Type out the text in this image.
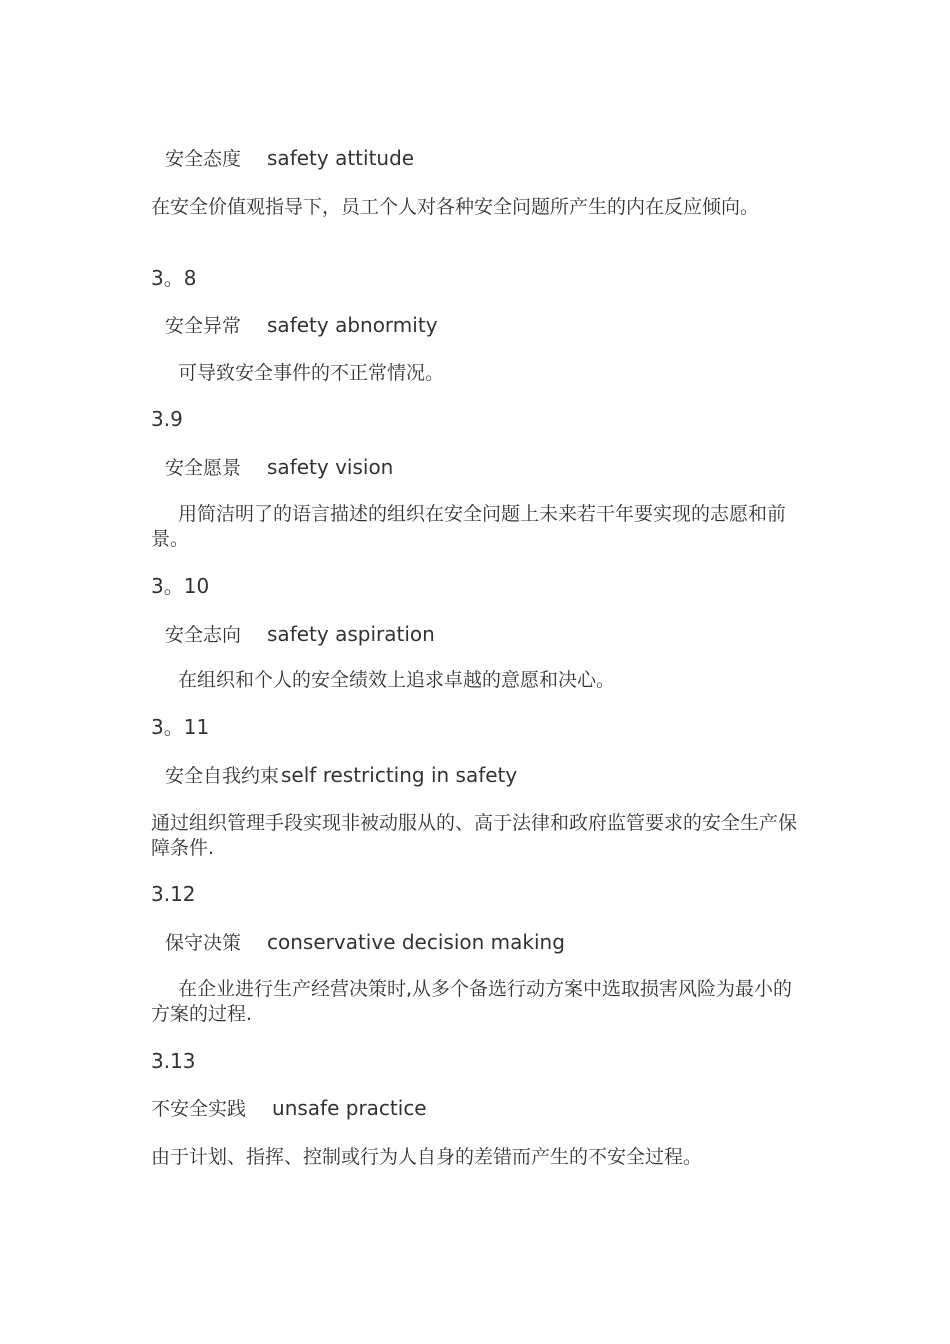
安全态度 safety attitude
在安全价值观指导下，员工个人对各种安全问题所产生的内在反应倾向。
3。8
安全异常 safety abnormity
可导致安全事件的不正常情况。
3.9
安全愿景 safety vision
用简洁明了的语言描述的组织在安全问题上未来若干年要实现的志愿和前景。
3。10
安全志向 safety aspiration
在组织和个人的安全绩效上追求卓越的意愿和决心。
3。11
安全自我约束 self restricting in safety
通过组织管理手段实现非被动服从的、高于法律和政府监管要求的安全生产保障条件.
3.12
保守决策 conservative decision making
在企业进行生产经营决策时,从多个备选行动方案中选取损害风险为最小的方案的过程.
3.13
不安全实践 unsafe practice
由于计划、指挥、控制或行为人自身的差错而产生的不安全过程。
